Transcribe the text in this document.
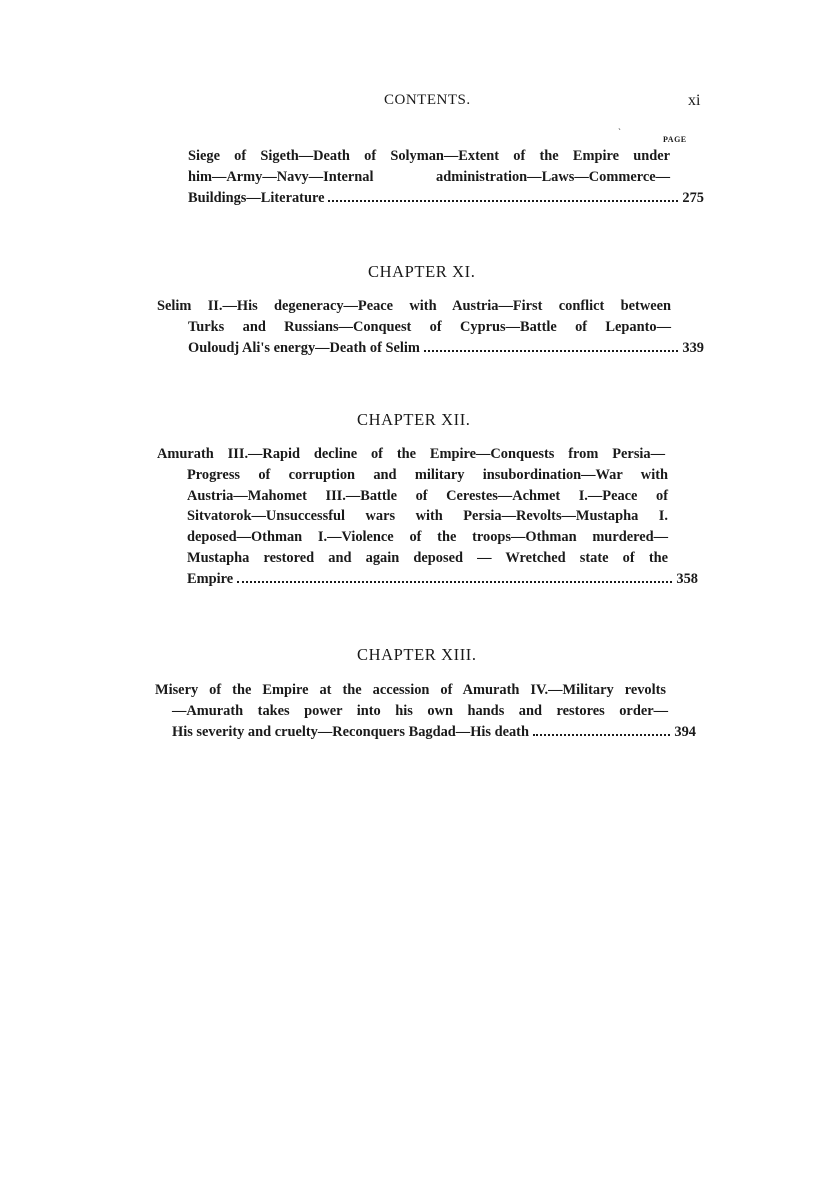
CONTENTS.	xi
`
PAGE
Siege of Sigeth—Death of Solyman—Extent of the Empire under
him—Army—Navy—Internal administration—Laws—Commerce—
Buildings—Literature	275
CHAPTER XI.
Selim II.—His degeneracy—Peace with Austria—First conflict between
Turks and Russians—Conquest of Cyprus—Battle of Lepanto—
Ouloudj Ali's energy—Death of Selim	339
CHAPTER XII.
Amurath III.—Rapid decline of the Empire—Conquests from Persia—
Progress of corruption and military insubordination—War with
Austria—Mahomet III.—Battle of Cerestes—Achmet I.—Peace of
Sitvatorok—Unsuccessful wars with Persia—Revolts—Mustapha I.
deposed—Othman I.—Violence of the troops—Othman murdered—
Mustapha restored and again deposed — Wretched state of the
Empire	358
CHAPTER XIII.
Misery of the Empire at the accession of Amurath IV.—Military revolts
—Amurath takes power into his own hands and restores order—
His severity and cruelty—Reconquers Bagdad—His death	394
